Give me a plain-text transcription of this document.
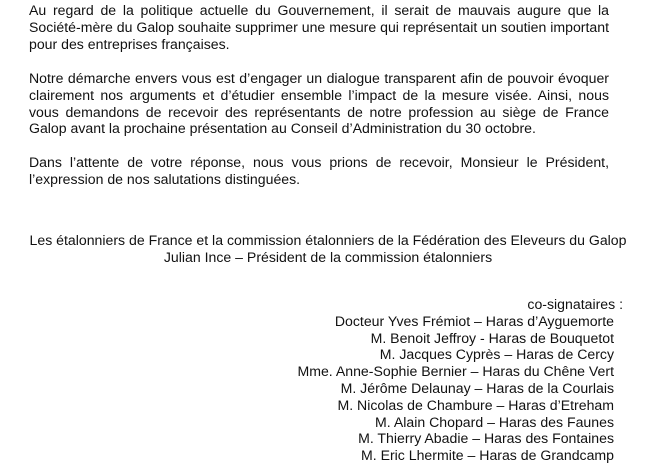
Au regard de la politique actuelle du Gouvernement, il serait de mauvais augure que la
Société-mère du Galop souhaite supprimer une mesure qui représentait un soutien important
pour des entreprises françaises.
Notre démarche envers vous est d’engager un dialogue transparent afin de pouvoir évoquer
clairement nos arguments et d’étudier ensemble l’impact de la mesure visée. Ainsi, nous
vous demandons de recevoir des représentants de notre profession au siège de France
Galop avant la prochaine présentation au Conseil d’Administration du 30 octobre.
Dans l’attente de votre réponse, nous vous prions de recevoir, Monsieur le Président,
l’expression de nos salutations distinguées.

Les étalonniers de France et la commission étalonniers de la Fédération des Eleveurs du Galop

Julian Ince – Président de la commission étalonniers

co-signataires :
Docteur Yves Frémiot – Haras d’Ayguemorte
M. Benoit Jeffroy - Haras de Bouquetot
M. Jacques Cyprès – Haras de Cercy
Mme. Anne-Sophie Bernier – Haras du Chêne Vert
M. Jérôme Delaunay – Haras de la Courlais
M. Nicolas de Chambure – Haras d’Etreham
M. Alain Chopard – Haras des Faunes
M. Thierry Abadie – Haras des Fontaines
M. Eric Lhermite – Haras de Grandcamp
